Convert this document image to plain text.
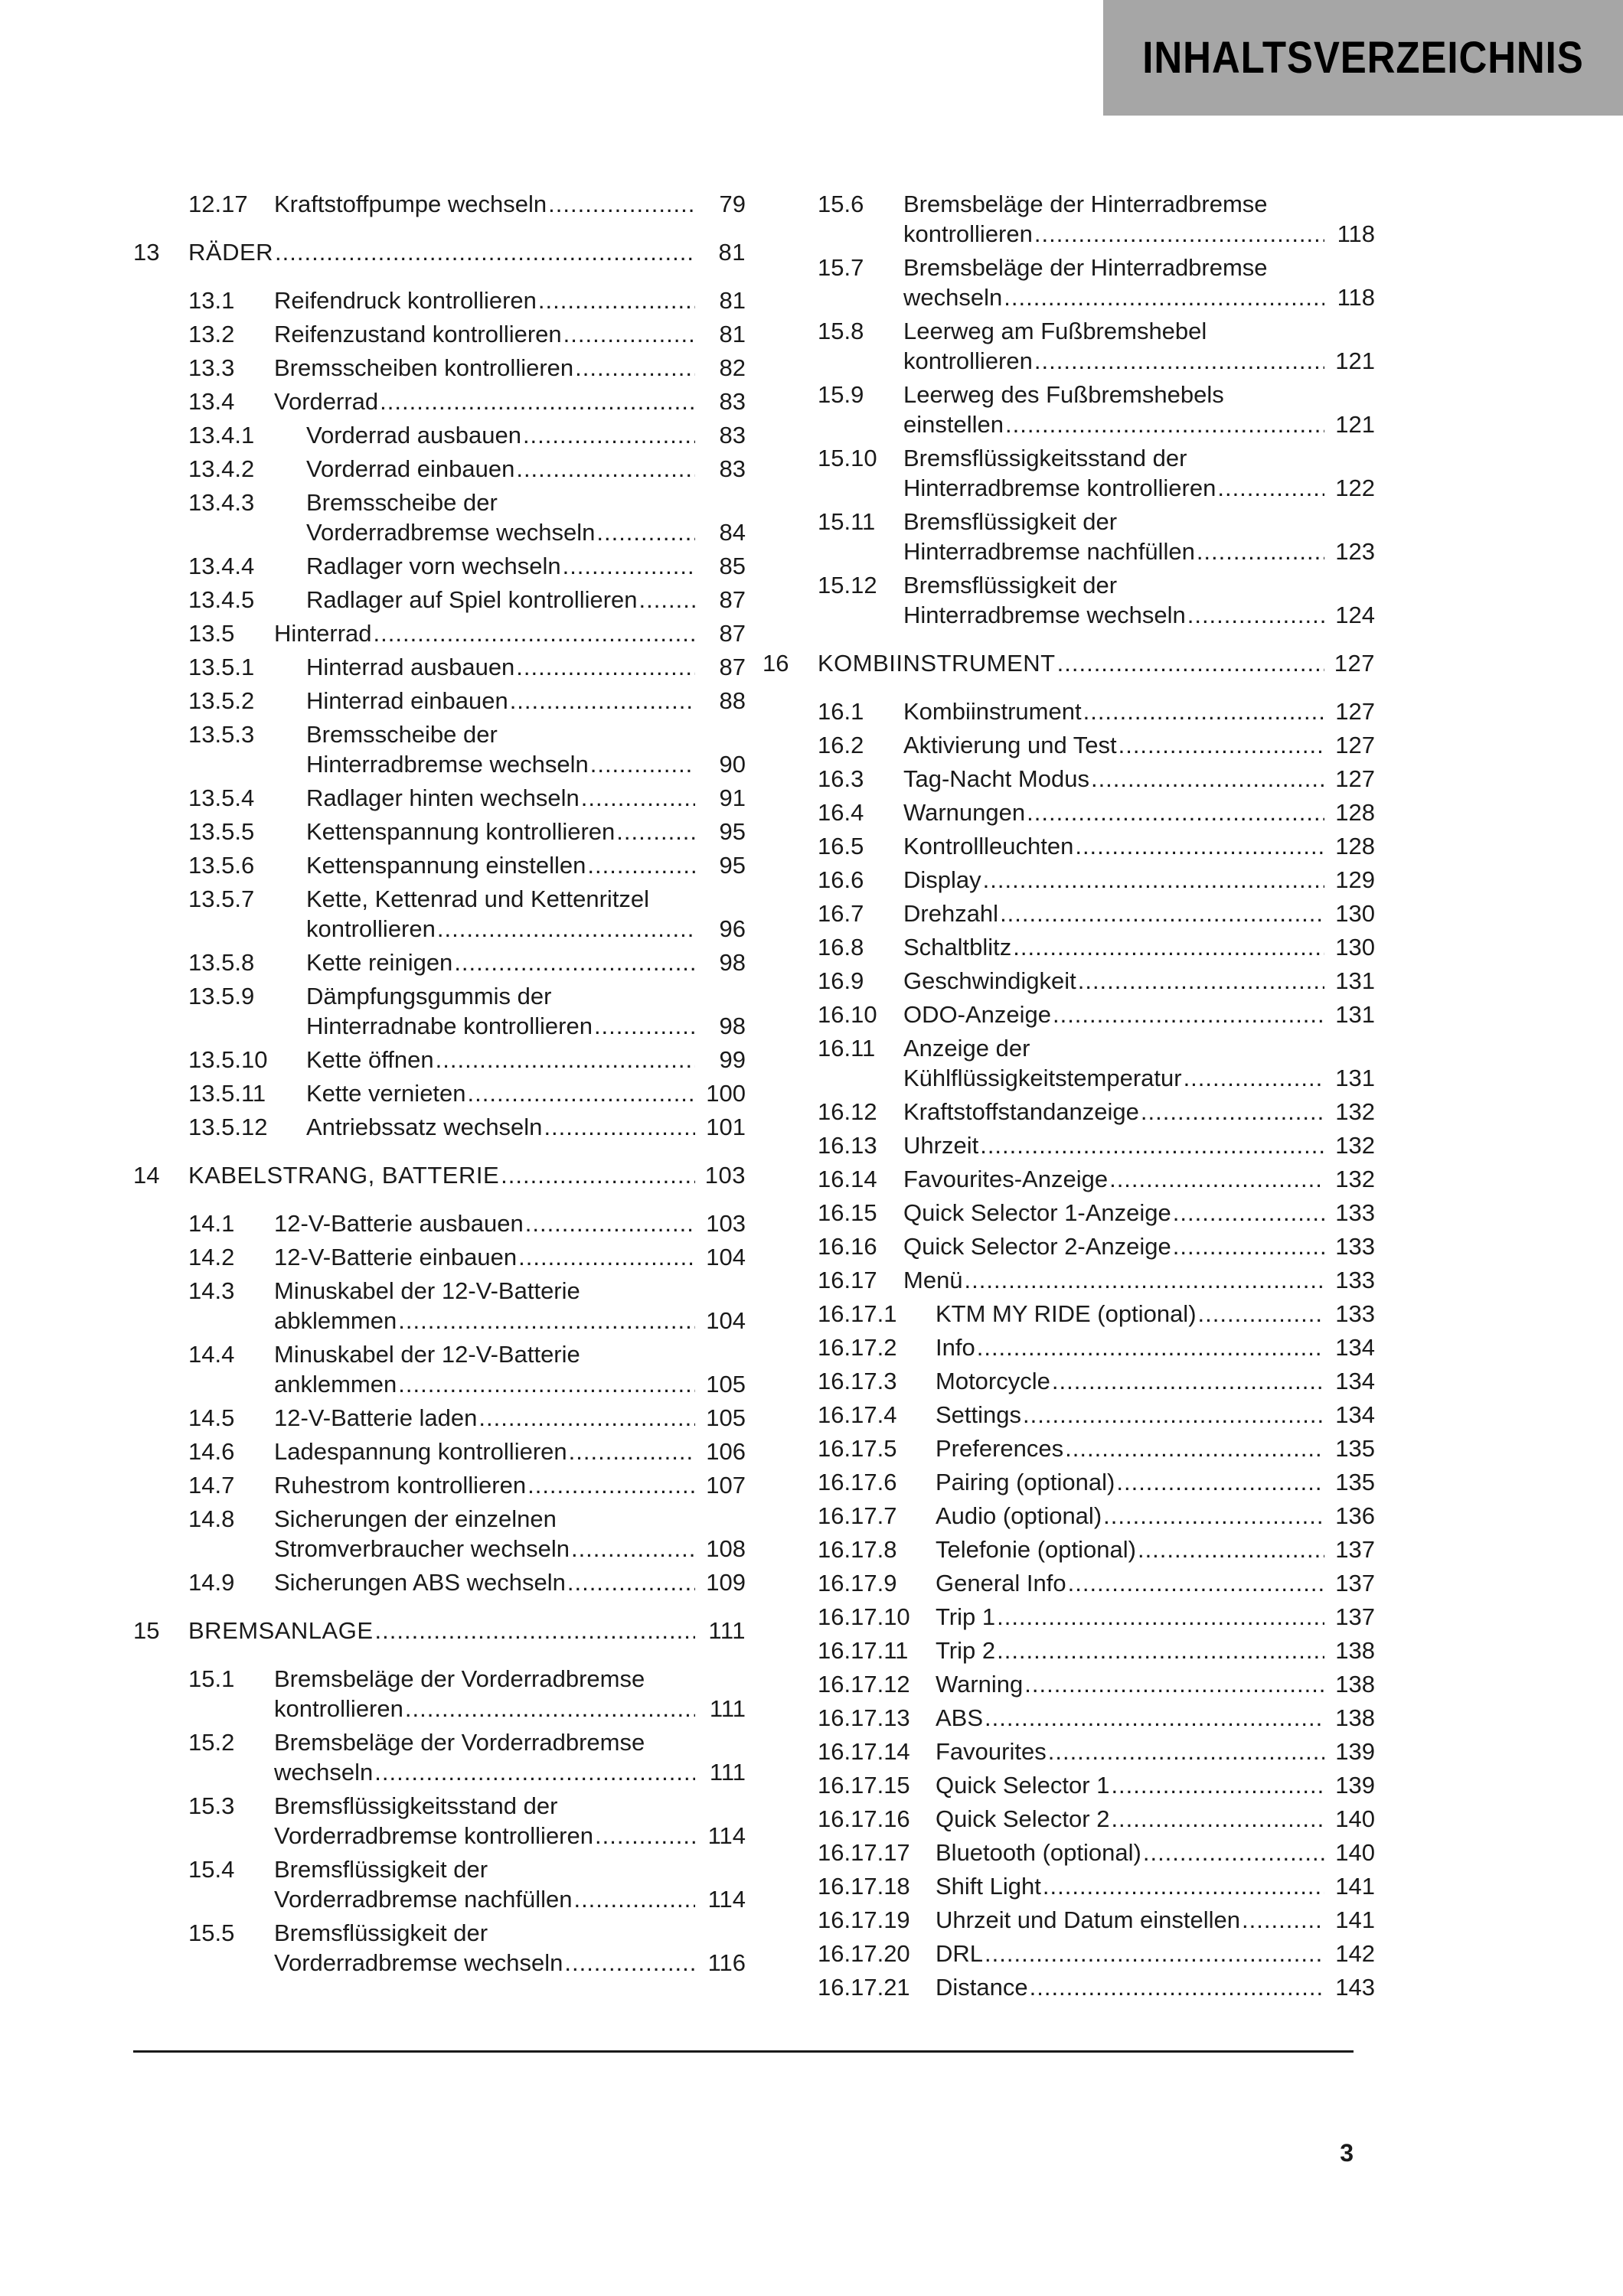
INHALTSVERZEICHNIS
12.17 Kraftstoffpumpe wechseln .....	79
13 RÄDER .....	81
13.1 Reifendruck kontrollieren .....	81
13.2 Reifenzustand kontrollieren .....	81
13.3 Bremsscheiben kontrollieren .....	82
13.4 Vorderrad .....	83
13.4.1 Vorderrad ausbauen .....	83
13.4.2 Vorderrad einbauen .....	83
13.4.3 Bremsscheibe der
Vorderradbremse wechseln .....	84
13.4.4 Radlager vorn wechseln .....	85
13.4.5 Radlager auf Spiel kontrollieren .....	87
13.5 Hinterrad .....	87
13.5.1 Hinterrad ausbauen .....	87
13.5.2 Hinterrad einbauen .....	88
13.5.3 Bremsscheibe der
Hinterradbremse wechseln .....	90
13.5.4 Radlager hinten wechseln .....	91
13.5.5 Kettenspannung kontrollieren .....	95
13.5.6 Kettenspannung einstellen .....	95
13.5.7 Kette, Kettenrad und Kettenritzel
kontrollieren .....	96
13.5.8 Kette reinigen .....	98
13.5.9 Dämpfungsgummis der
Hinterradnabe kontrollieren .....	98
13.5.10 Kette öffnen .....	99
13.5.11 Kette vernieten .....	100
13.5.12 Antriebssatz wechseln .....	101
14 KABELSTRANG, BATTERIE .....	103
14.1 12-V-Batterie ausbauen .....	103
14.2 12-V-Batterie einbauen .....	104
14.3 Minuskabel der 12-V-Batterie
abklemmen .....	104
14.4 Minuskabel der 12-V-Batterie
anklemmen .....	105
14.5 12-V-Batterie laden .....	105
14.6 Ladespannung kontrollieren .....	106
14.7 Ruhestrom kontrollieren .....	107
14.8 Sicherungen der einzelnen
Stromverbraucher wechseln .....	108
14.9 Sicherungen ABS wechseln .....	109
15 BREMSANLAGE .....	111
15.1 Bremsbeläge der Vorderradbremse
kontrollieren .....	111
15.2 Bremsbeläge der Vorderradbremse
wechseln .....	111
15.3 Bremsflüssigkeitsstand der
Vorderradbremse kontrollieren .....	114
15.4 Bremsflüssigkeit der
Vorderradbremse nachfüllen .....	114
15.5 Bremsflüssigkeit der
Vorderradbremse wechseln .....	116
15.6 Bremsbeläge der Hinterradbremse
kontrollieren .....	118
15.7 Bremsbeläge der Hinterradbremse
wechseln .....	118
15.8 Leerweg am Fußbremshebel
kontrollieren .....	121
15.9 Leerweg des Fußbremshebels
einstellen .....	121
15.10 Bremsflüssigkeitsstand der
Hinterradbremse kontrollieren .....	122
15.11 Bremsflüssigkeit der
Hinterradbremse nachfüllen .....	123
15.12 Bremsflüssigkeit der
Hinterradbremse wechseln .....	124
16 KOMBIINSTRUMENT .....	127
16.1 Kombiinstrument .....	127
16.2 Aktivierung und Test .....	127
16.3 Tag-Nacht Modus .....	127
16.4 Warnungen .....	128
16.5 Kontrollleuchten .....	128
16.6 Display .....	129
16.7 Drehzahl .....	130
16.8 Schaltblitz .....	130
16.9 Geschwindigkeit .....	131
16.10 ODO-Anzeige .....	131
16.11 Anzeige der
Kühlflüssigkeitstemperatur .....	131
16.12 Kraftstoffstandanzeige .....	132
16.13 Uhrzeit .....	132
16.14 Favourites-Anzeige .....	132
16.15 Quick Selector 1-Anzeige .....	133
16.16 Quick Selector 2-Anzeige .....	133
16.17 Menü .....	133
16.17.1 KTM MY RIDE (optional) .....	133
16.17.2 Info .....	134
16.17.3 Motorcycle .....	134
16.17.4 Settings .....	134
16.17.5 Preferences .....	135
16.17.6 Pairing (optional) .....	135
16.17.7 Audio (optional) .....	136
16.17.8 Telefonie (optional) .....	137
16.17.9 General Info .....	137
16.17.10 Trip 1 .....	137
16.17.11 Trip 2 .....	138
16.17.12 Warning .....	138
16.17.13 ABS .....	138
16.17.14 Favourites .....	139
16.17.15 Quick Selector 1 .....	139
16.17.16 Quick Selector 2 .....	140
16.17.17 Bluetooth (optional) .....	140
16.17.18 Shift Light .....	141
16.17.19 Uhrzeit und Datum einstellen .....	141
16.17.20 DRL .....	142
16.17.21 Distance .....	143
3
